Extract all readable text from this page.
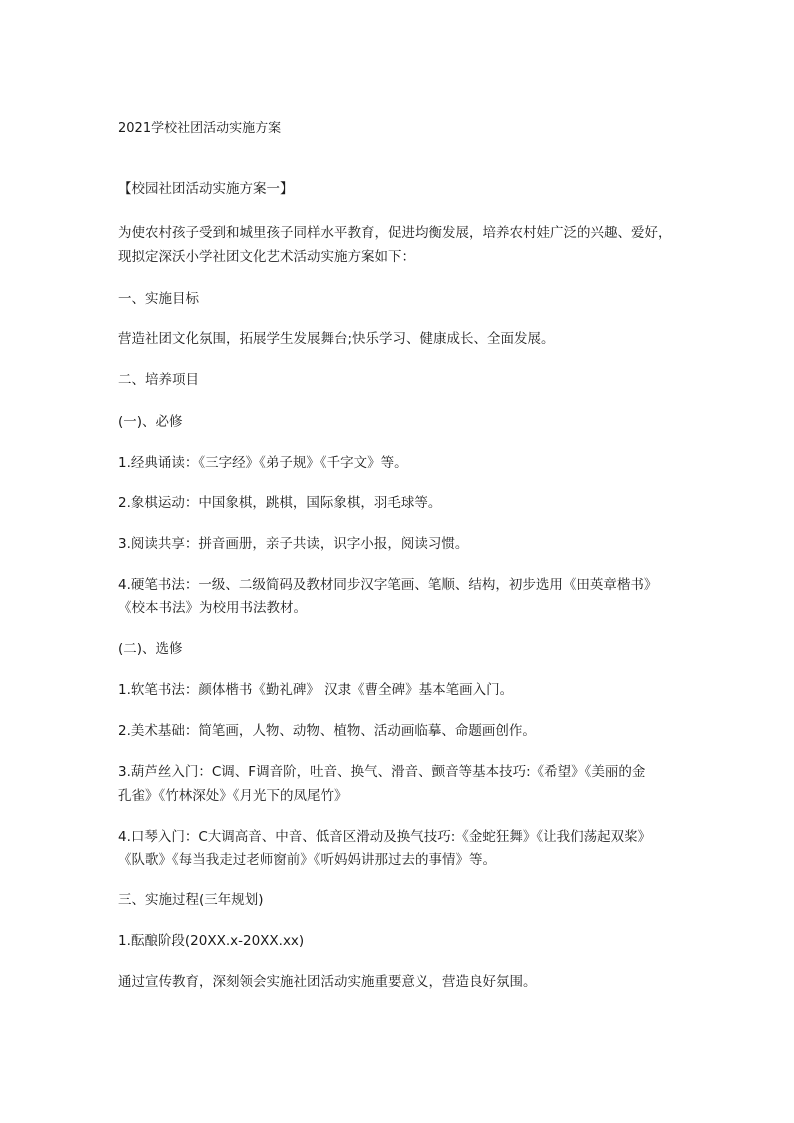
2021学校社团活动实施方案
【校园社团活动实施方案一】
为使农村孩子受到和城里孩子同样水平教育，促进均衡发展，培养农村娃广泛的兴趣、爱好，
现拟定深沃小学社团文化艺术活动实施方案如下：
一、实施目标
营造社团文化氛围，拓展学生发展舞台;快乐学习、健康成长、全面发展。
二、培养项目
(一)、必修
1.经典诵读：《三字经》《弟子规》《千字文》等。
2.象棋运动：中国象棋，跳棋，国际象棋，羽毛球等。
3.阅读共享：拼音画册，亲子共读，识字小报，阅读习惯。
4.硬笔书法：一级、二级简码及教材同步汉字笔画、笔顺、结构，初步选用《田英章楷书》
《校本书法》为校用书法教材。
(二)、选修
1.软笔书法：颜体楷书《勤礼碑》 汉隶《曹全碑》基本笔画入门。
2.美术基础：简笔画，人物、动物、植物、活动画临摹、命题画创作。
3.葫芦丝入门：C调、F调音阶，吐音、换气、滑音、颤音等基本技巧:《希望》《美丽的金
孔雀》《竹林深处》《月光下的凤尾竹》
4.口琴入门：C大调高音、中音、低音区滑动及换气技巧:《金蛇狂舞》《让我们荡起双桨》
《队歌》《每当我走过老师窗前》《听妈妈讲那过去的事情》等。
三、实施过程(三年规划)
1.酝酿阶段(20XX.x-20XX.xx)
通过宣传教育，深刻领会实施社团活动实施重要意义，营造良好氛围。
